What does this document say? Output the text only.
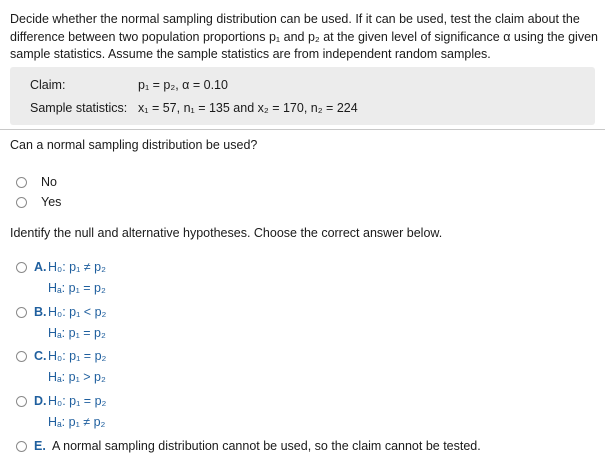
Decide whether the normal sampling distribution can be used. If it can be used, test the claim about the difference between two population proportions p₁ and p₂ at the given level of significance α using the given sample statistics. Assume the sample statistics are from independent random samples.
Claim:	p₁ = p₂, α = 0.10
Sample statistics: x₁ = 57, n₁ = 135 and x₂ = 170, n₂ = 224
Can a normal sampling distribution be used?
No
Yes
Identify the null and alternative hypotheses. Choose the correct answer below.
A. H₀: p₁ ≠ p₂
Hₐ: p₁ = p₂
B. H₀: p₁ < p₂
Hₐ: p₁ = p₂
C. H₀: p₁ = p₂
Hₐ: p₁ > p₂
D. H₀: p₁ = p₂
Hₐ: p₁ ≠ p₂
E. A normal sampling distribution cannot be used, so the claim cannot be tested.
